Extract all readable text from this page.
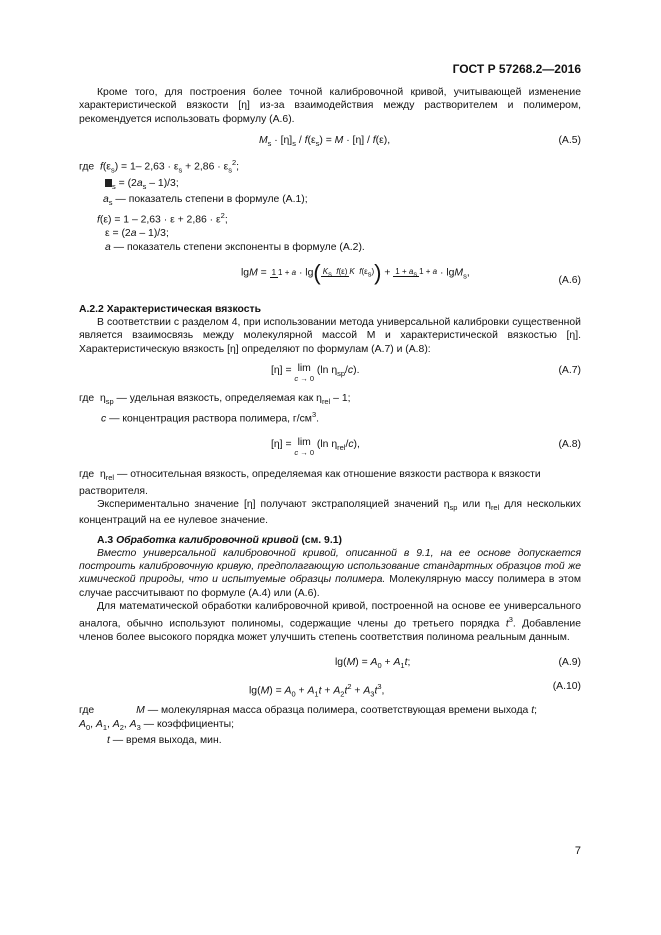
ГОСТ Р 57268.2—2016

Кроме того, для построения более точной калибровочной кривой, учитывающей изменение характеристической вязкости [η] из-за взаимодействия между растворителем и полимером, рекомендуется использовать формулу (A.6).

$M_s \cdot [\eta]_s / f(\varepsilon_s) = M \cdot [\eta] / f(\varepsilon)$,	(A.5)
где  $f(\varepsilon_s) = 1-$ $2,63 \cdot \varepsilon_s + 2,86 \cdot \varepsilon_s^2$;
$_s = (2a_s - 1)/3$;
$a_s$ — показатель степени в формуле (A.1);
$f(\varepsilon) = 1 - 2,63 \cdot \varepsilon + 2,86 \cdot \varepsilon^2$;
ε = (2a – 1)/3;
a — показатель степени экспоненты в формуле (A.2).
lgM = 1 1 + a · lg( $K_s$ f(ε) K $f(\varepsilon_s)) + 1 + a_s$ 1 + a · lgM$_s$,
(A.6)
A.2.2 Характеристическая вязкость

В соответствии с разделом 4, при использовании метода универсальной калибровки существенной является взаимосвязь между молекулярной массой M и характеристической вязкостью [η]. Характеристическую вязкость [η] определяют по формулам (A.7) и (A.8):

[η] = lim
c → 0
(ln $\eta_{sp}/c$).	(A.7)
где  $\eta_{sp}$ — удельная вязкость, определяемая как $\eta_{rel} - 1$;
c — концентрация раствора полимера, $г/см^3$.
[η] = lim
c → 0
(ln $\eta_{rel}/c$),	(A.8)
где  $\eta_{rel}$ — относительная вязкость, определяемая как отношение вязкости раствора к вязкости растворителя.

Экспериментально значение [η] получают экстраполяцией значений $\eta_{sp}$ или $\eta_{rel}$ для нескольких концентраций на ее нулевое значение.

A.3 Обработка калибровочной кривой (см. 9.1)

Вместо универсальной калибровочной кривой, описанной в 9.1, на ее основе допускается построить калибровочную кривую, предполагающую использование стандартных образцов той же химической природы, что и испытуемые образцы полимера. Молекулярную массу полимера в этом случае рассчитывают по формуле (A.4) или (A.6).

Для математической обработки калибровочной кривой, построенной на основе ее универсального аналога, обычно используют полиномы, содержащие члены до третьего порядка $t^3$. Добавление членов более высокого порядка может улучшить степень соответствия полинома реальным данным.

$\lg(M) = A_0 + A_1t$;	(A.9)
$\lg(M) = A_0 + A_1t + A_2t^2 + A_3t^3$,	(A.10)
где	M — молекулярная масса образца полимера, соответствующая времени выхода t;
$A_0$, $A_1$, $A_2$, $A_3$ — коэффициенты;
t — время выхода, мин.
7
